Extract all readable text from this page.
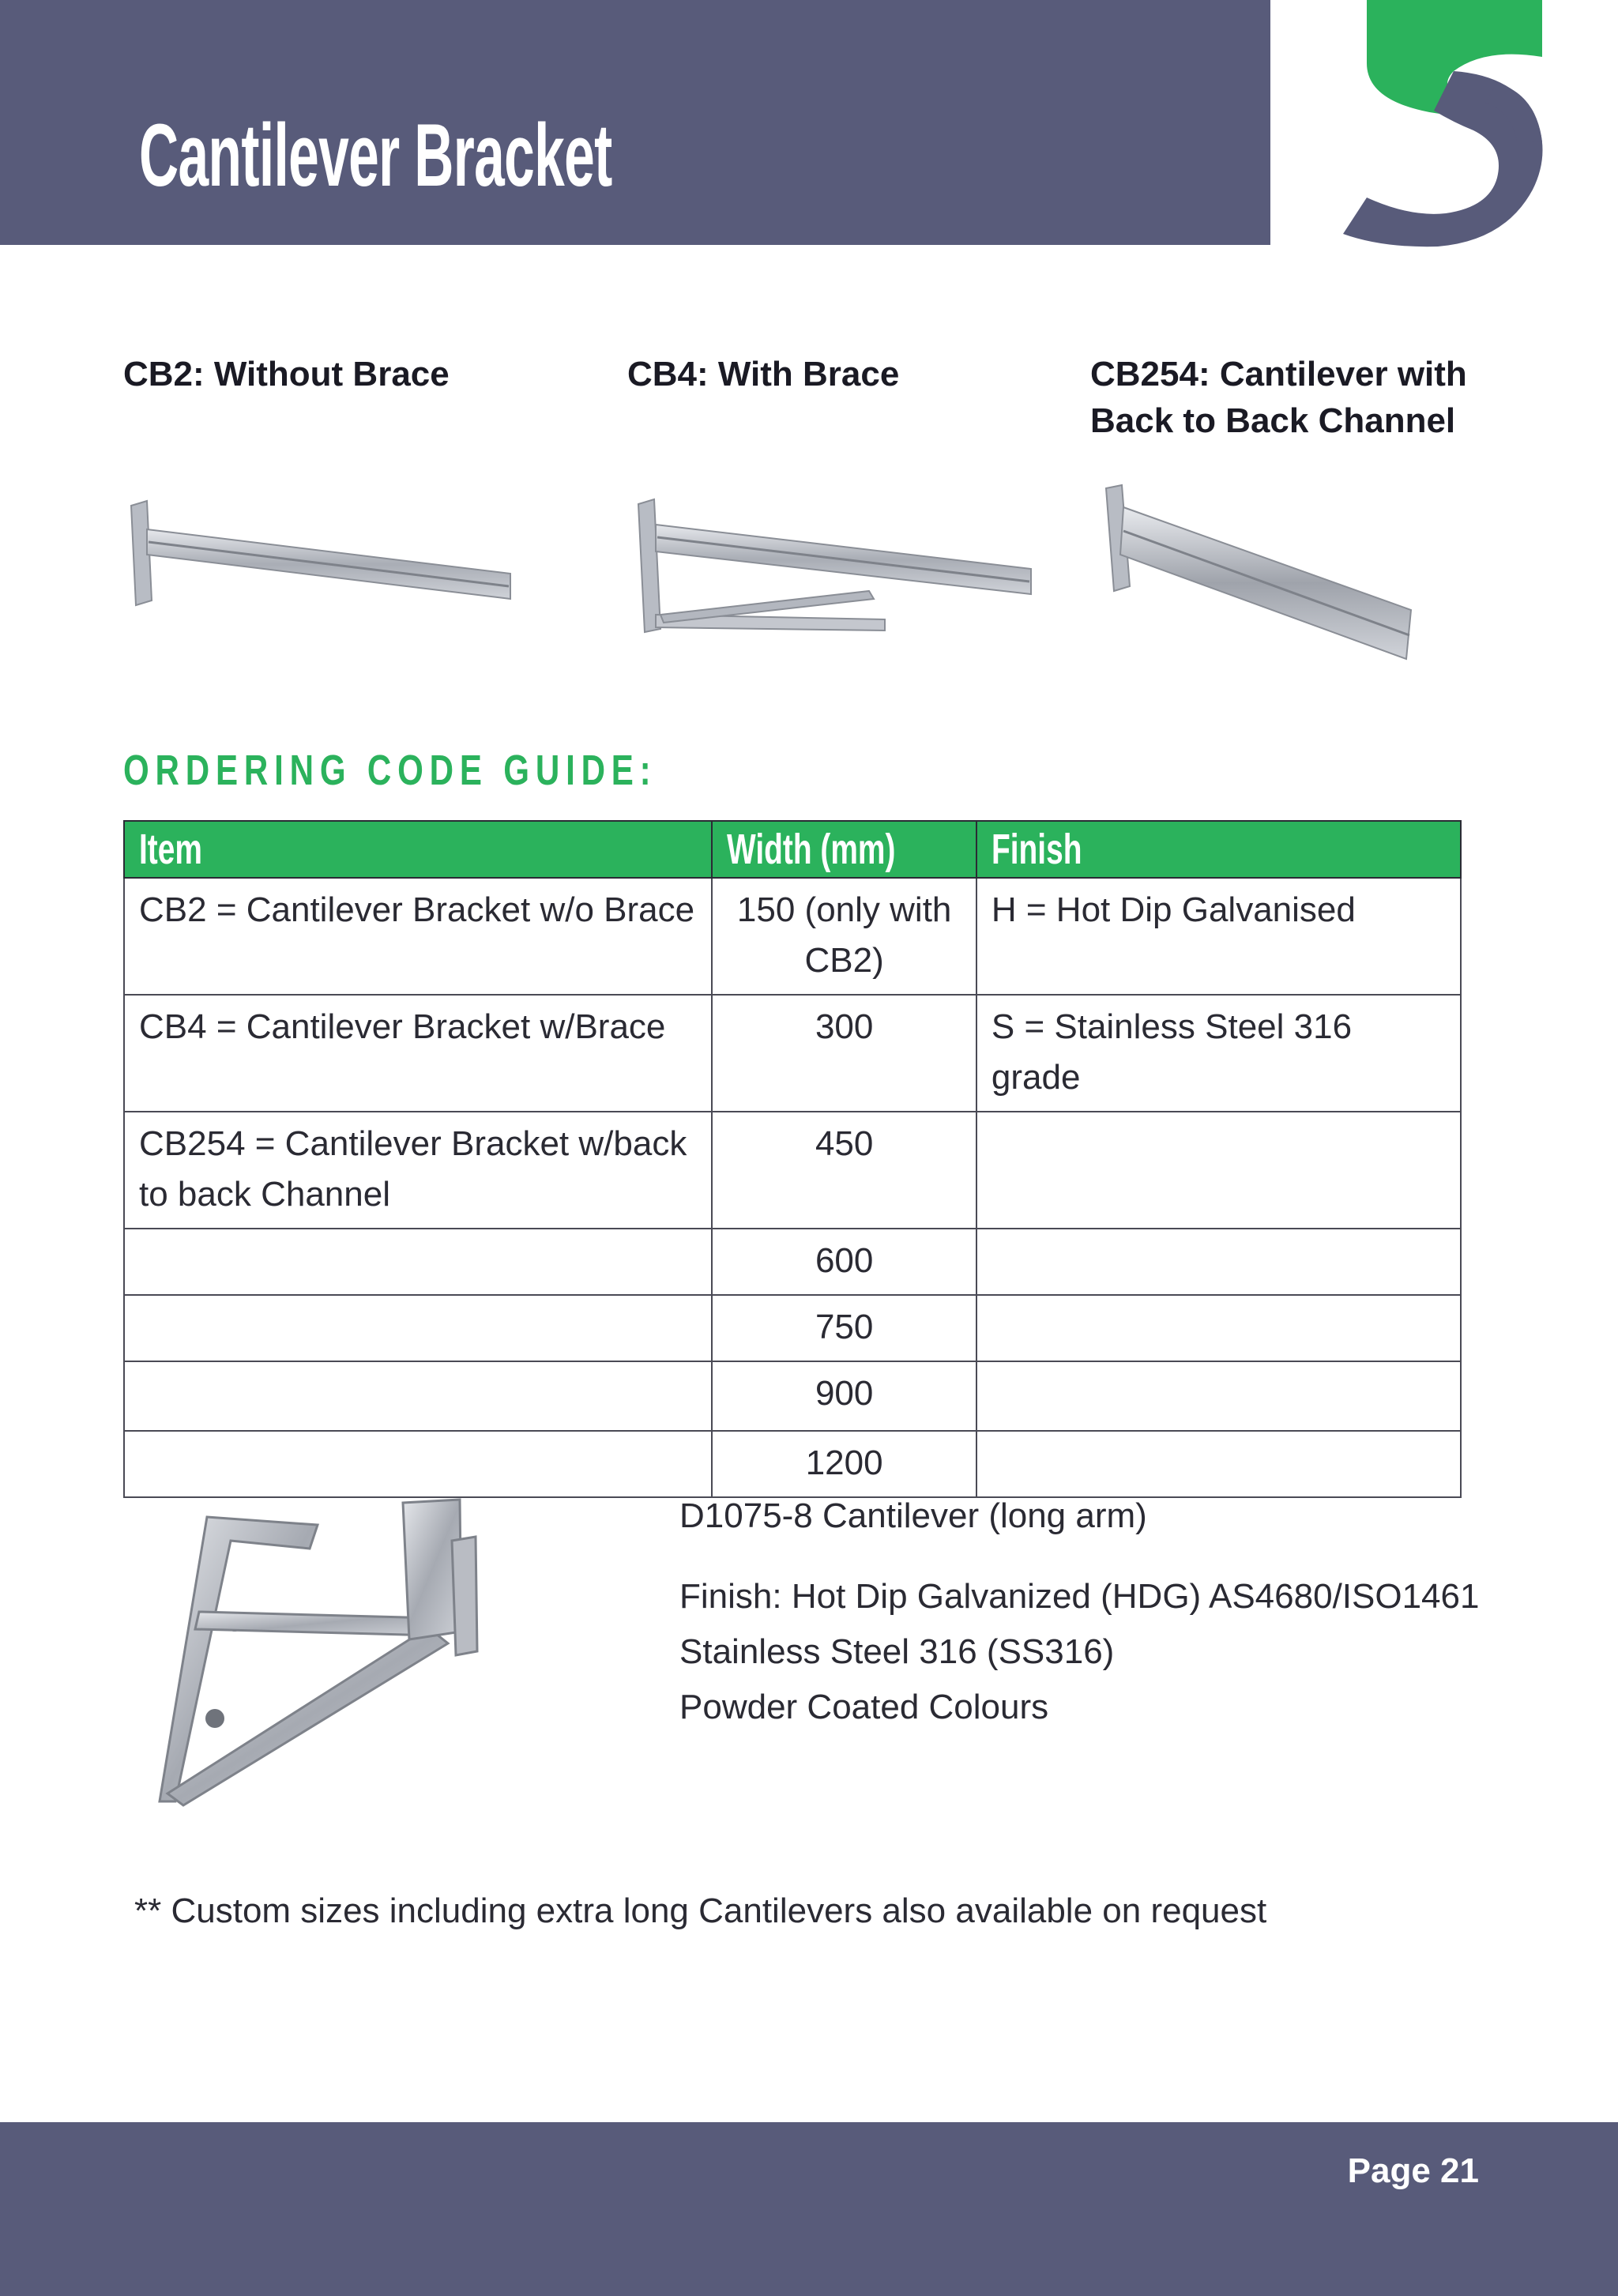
Cantilever Bracket

CB2: Without Brace	CB4: With Brace	CB254: Cantilever with

Back to Back Channel

ORDERING CODE GUIDE:
Item	Width (mm)	Finish
CB2 = Cantilever Bracket w/o Brace	150 (only with CB2)	H = Hot Dip Galvanised
CB4 = Cantilever Bracket w/Brace	300	S = Stainless Steel 316 grade
CB254 = Cantilever Bracket w/back to back Channel	450	
	600	
	750	
	900	
	1200	

D1075-8 Cantilever (long arm)

Finish: Hot Dip Galvanized (HDG) AS4680/ISO1461

Stainless Steel 316 (SS316)

Powder Coated Colours

** Custom sizes including extra long Cantilevers also available on request

Page 21
